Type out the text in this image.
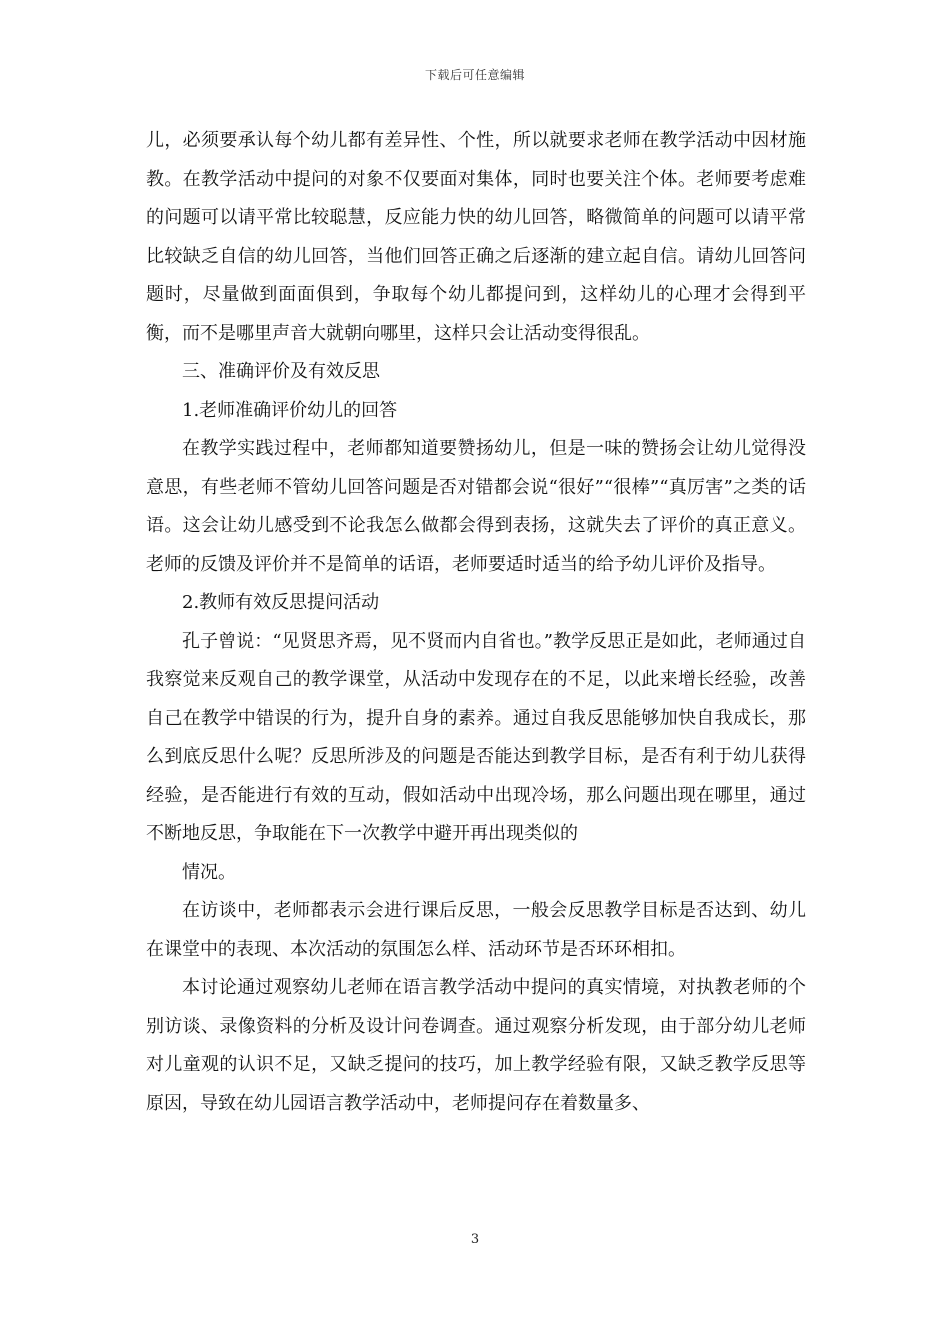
下载后可任意编辑

儿，必须要承认每个幼儿都有差异性、个性，所以就要求老师在教学活动中因材施教。在教学活动中提问的对象不仅要面对集体，同时也要关注个体。老师要考虑难的问题可以请平常比较聪慧，反应能力快的幼儿回答，略微简单的问题可以请平常比较缺乏自信的幼儿回答，当他们回答正确之后逐渐的建立起自信。请幼儿回答问题时，尽量做到面面俱到，争取每个幼儿都提问到，这样幼儿的心理才会得到平衡，而不是哪里声音大就朝向哪里，这样只会让活动变得很乱。

三、准确评价及有效反思

1.老师准确评价幼儿的回答

在教学实践过程中，老师都知道要赞扬幼儿，但是一味的赞扬会让幼儿觉得没意思，有些老师不管幼儿回答问题是否对错都会说“很好”“很棒”“真厉害”之类的话语。这会让幼儿感受到不论我怎么做都会得到表扬，这就失去了评价的真正意义。老师的反馈及评价并不是简单的话语，老师要适时适当的给予幼儿评价及指导。

2.教师有效反思提问活动

孔子曾说：“见贤思齐焉，见不贤而内自省也。”教学反思正是如此，老师通过自我察觉来反观自己的教学课堂，从活动中发现存在的不足，以此来增长经验，改善自己在教学中错误的行为，提升自身的素养。通过自我反思能够加快自我成长，那么到底反思什么呢？反思所涉及的问题是否能达到教学目标，是否有利于幼儿获得经验，是否能进行有效的互动，假如活动中出现冷场，那么问题出现在哪里，通过不断地反思，争取能在下一次教学中避开再出现类似的

情况。

在访谈中，老师都表示会进行课后反思，一般会反思教学目标是否达到、幼儿在课堂中的表现、本次活动的氛围怎么样、活动环节是否环环相扣。

本讨论通过观察幼儿老师在语言教学活动中提问的真实情境，对执教老师的个别访谈、录像资料的分析及设计问卷调查。通过观察分析发现，由于部分幼儿老师对儿童观的认识不足，又缺乏提问的技巧，加上教学经验有限，又缺乏教学反思等原因，导致在幼儿园语言教学活动中，老师提问存在着数量多、

3
